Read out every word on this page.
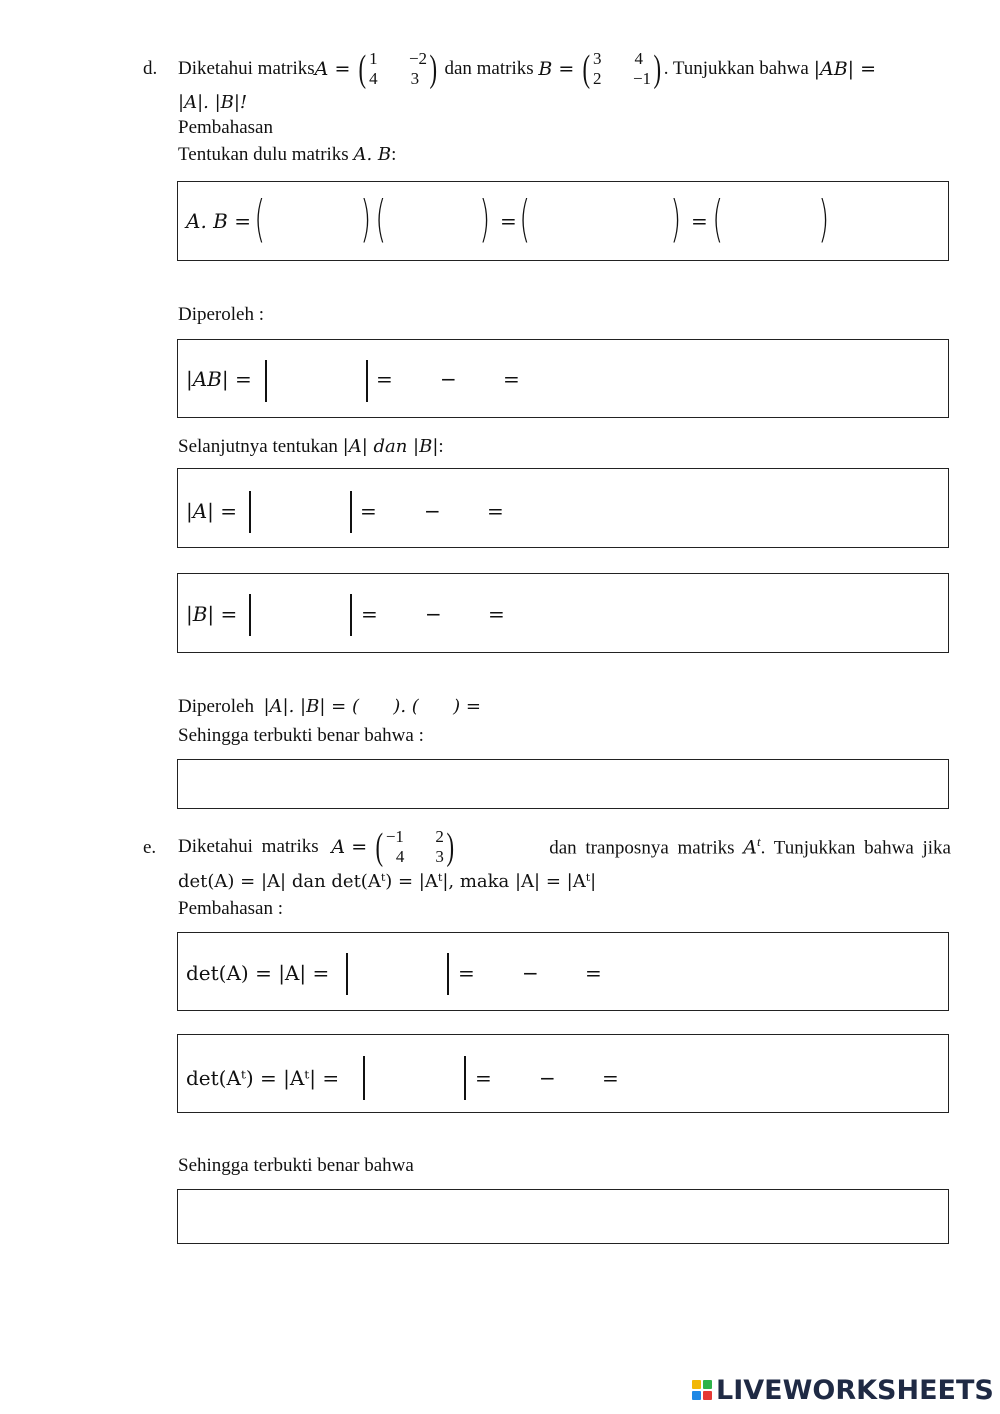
d. Diketahui matriks A = ( 1 −2
4 3 ) dan matriks B = ( 3 4
2 −1 ) . Tunjukkan bahwa |AB| =
|A|. |B|!
Pembahasan
Tentukan dulu matriks A. B:
A. B = ( ) ( ) = (	) = ( )
Diperoleh :
|AB| =	= − =
Selanjutnya tentukan |A| dan |B|:
|A| =	= − =
|B| =	= − =
Diperoleh  |A|. |B| = (      ). (      ) =
Sehingga terbukti benar bahwa :
e. Diketahui matriks A = ( −1 2
4 3 )	dan tranposnya matriks $A^t$. Tunjukkan bahwa jika
det(A) = |A| dan det(Aᵗ) = |Aᵗ|, maka |A| = |Aᵗ|
Pembahasan :
det(A) = |A| =	= − =
det(Aᵗ) = |Aᵗ| =	= − =
Sehingga terbukti benar bahwa
LIVEWORKSHEETS
